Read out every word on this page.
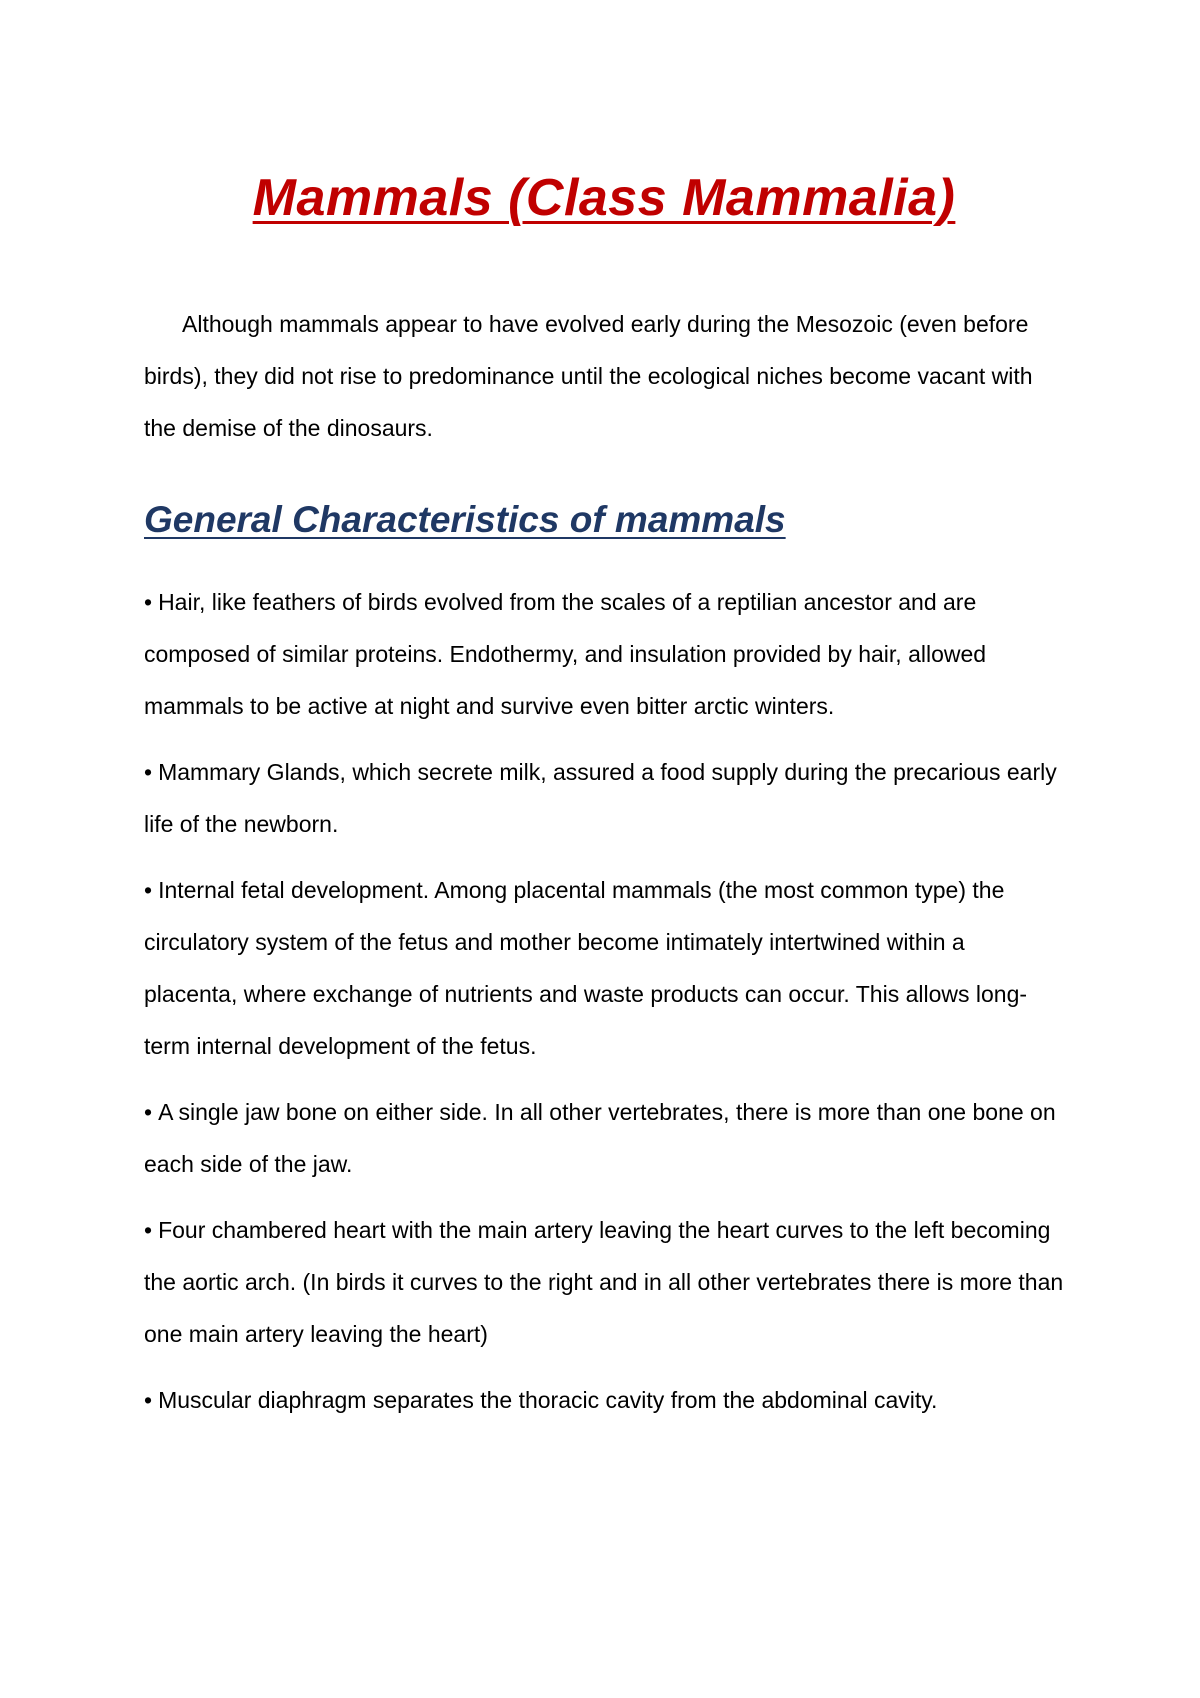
Mammals (Class Mammalia)

Although mammals appear to have evolved early during the Mesozoic (even before birds), they did not rise to predominance until the ecological niches become vacant with the demise of the dinosaurs.

General Characteristics of mammals
• Hair, like feathers of birds evolved from the scales of a reptilian ancestor and are composed of similar proteins. Endothermy, and insulation provided by hair, allowed mammals to be active at night and survive even bitter arctic winters.
• Mammary Glands, which secrete milk, assured a food supply during the precarious early life of the newborn.
• Internal fetal development. Among placental mammals (the most common type) the circulatory system of the fetus and mother become intimately intertwined within a placenta, where exchange of nutrients and waste products can occur. This allows long-term internal development of the fetus.
• A single jaw bone on either side. In all other vertebrates, there is more than one bone on each side of the jaw.
• Four chambered heart with the main artery leaving the heart curves to the left becoming the aortic arch. (In birds it curves to the right and in all other vertebrates there is more than one main artery leaving the heart)
• Muscular diaphragm separates the thoracic cavity from the abdominal cavity.
